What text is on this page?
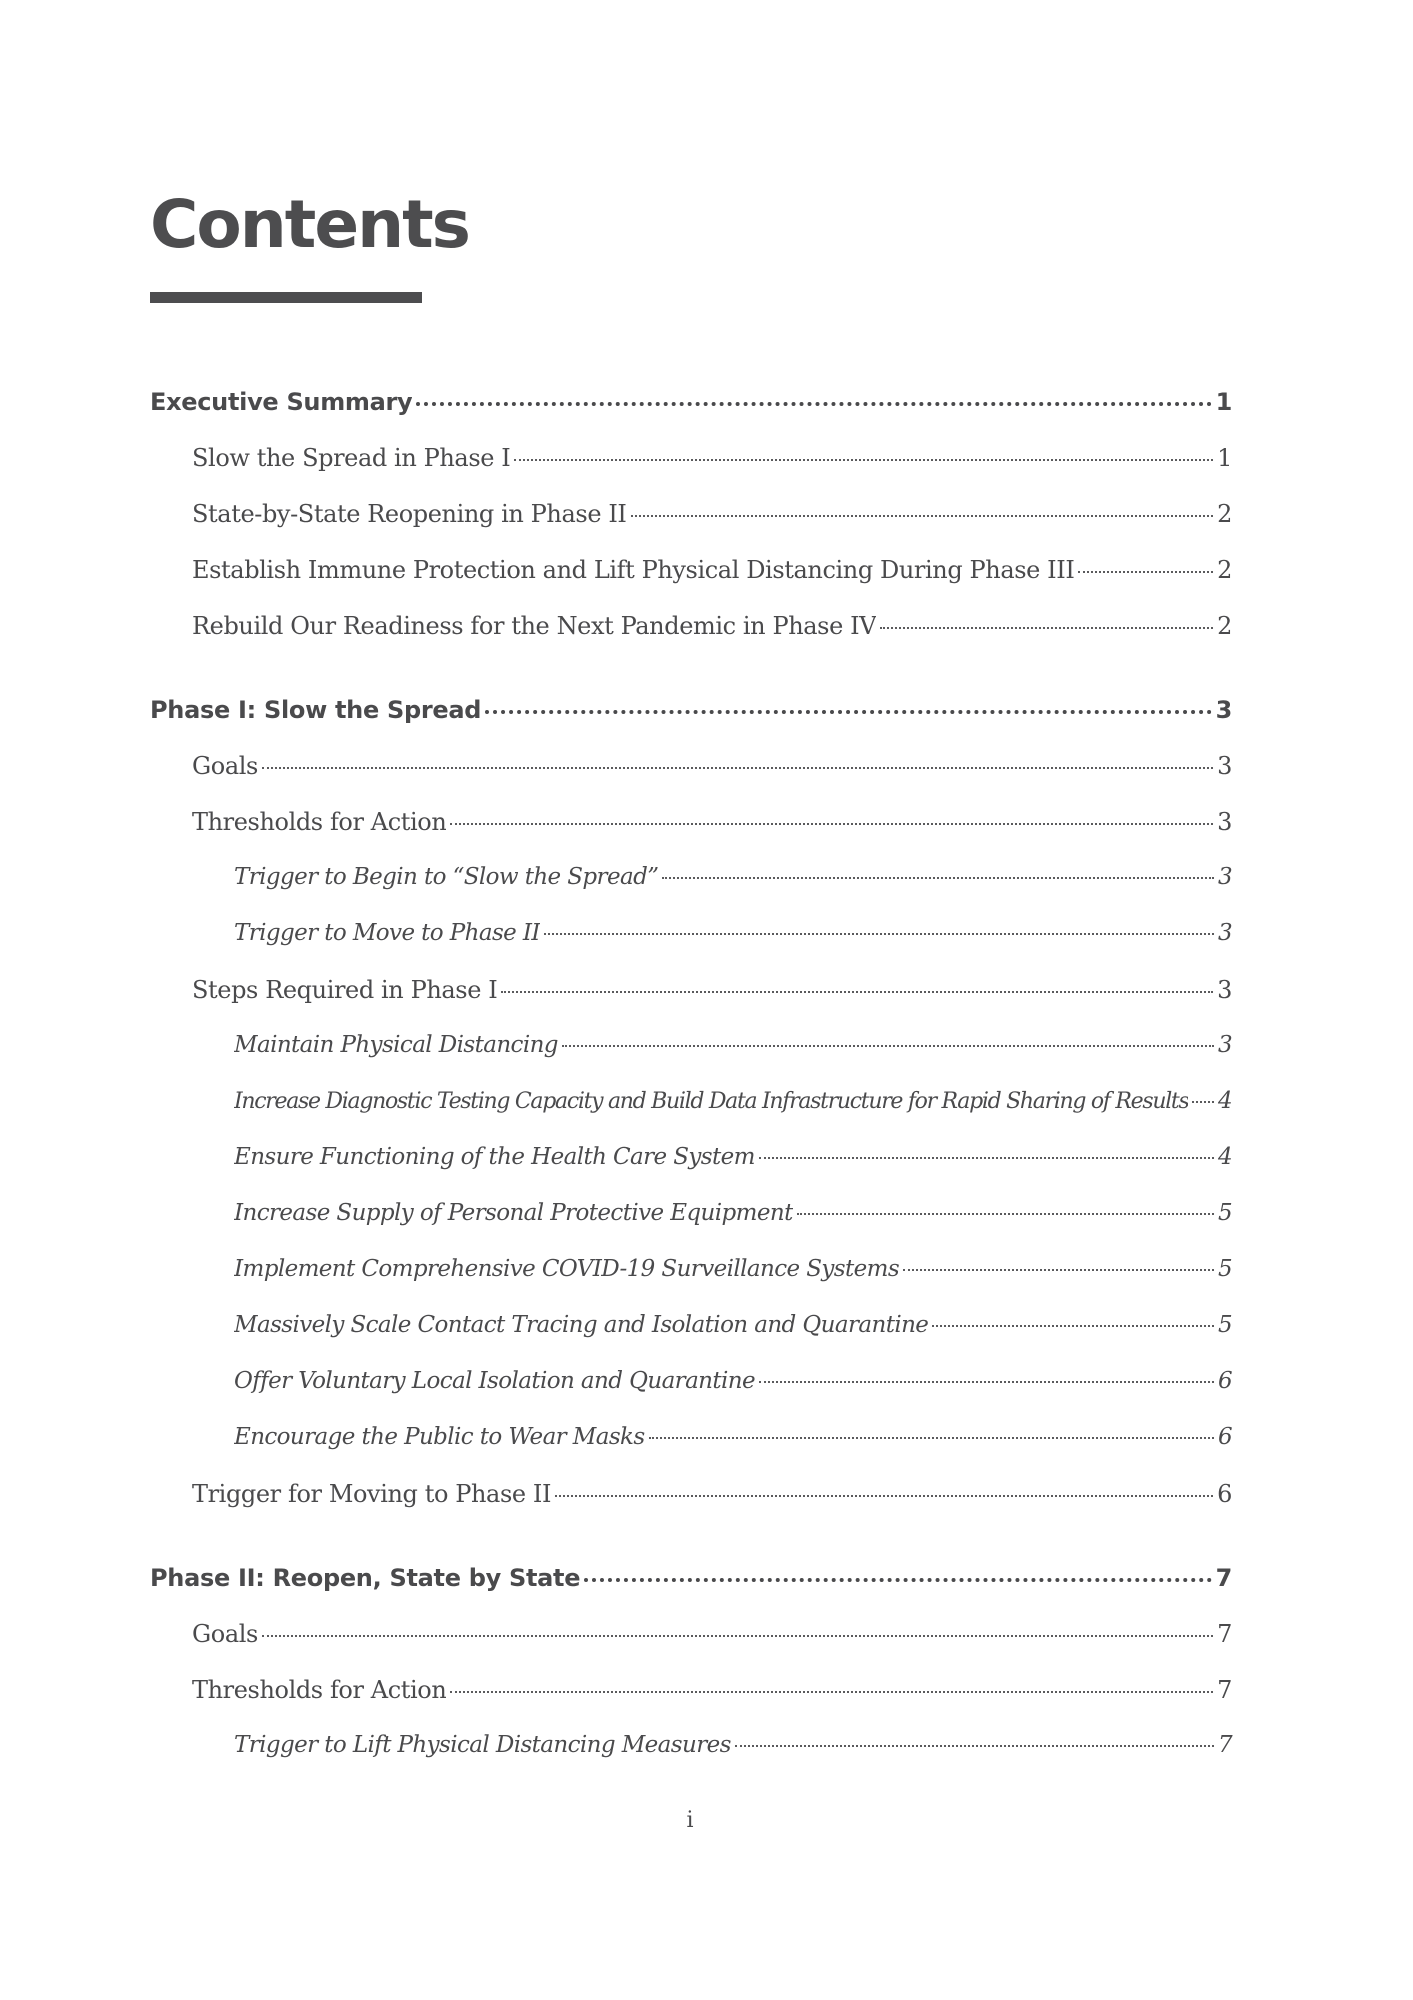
Contents
Executive Summary	1
Slow the Spread in Phase I	1
State-by-State Reopening in Phase II	2
Establish Immune Protection and Lift Physical Distancing During Phase III	2
Rebuild Our Readiness for the Next Pandemic in Phase IV	2
Phase I: Slow the Spread	3
Goals	3
Thresholds for Action	3
Trigger to Begin to “Slow the Spread”	3
Trigger to Move to Phase II	3
Steps Required in Phase I	3
Maintain Physical Distancing	3
Increase Diagnostic Testing Capacity and Build Data Infrastructure for Rapid Sharing of Results 4
Ensure Functioning of the Health Care System	4
Increase Supply of Personal Protective Equipment	5
Implement Comprehensive COVID-19 Surveillance Systems	5
Massively Scale Contact Tracing and Isolation and Quarantine	5
Offer Voluntary Local Isolation and Quarantine	6
Encourage the Public to Wear Masks	6
Trigger for Moving to Phase II	6
Phase II: Reopen, State by State	7
Goals	7
Thresholds for Action	7
Trigger to Lift Physical Distancing Measures	7
i
